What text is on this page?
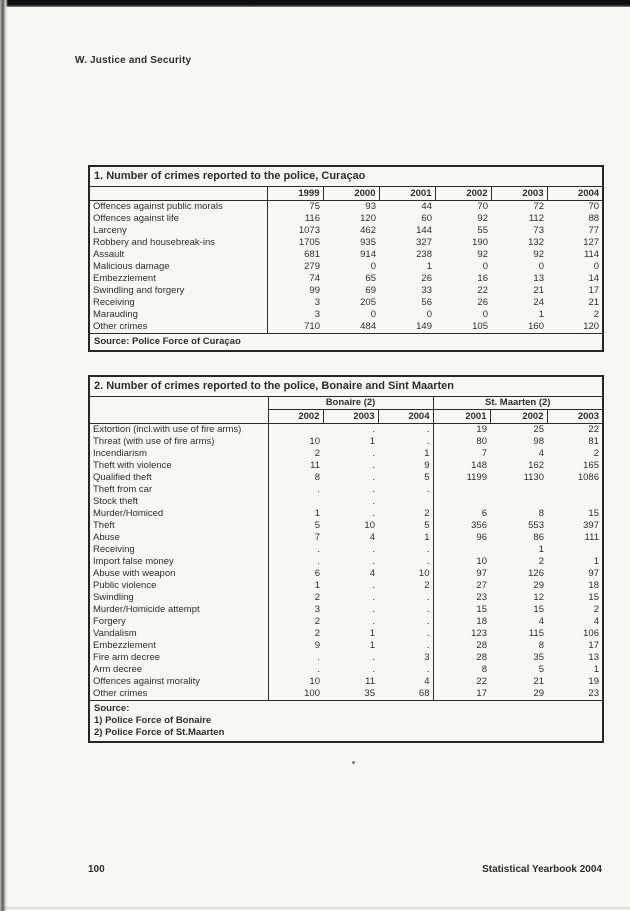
W. Justice and Security
1. Number of crimes reported to the police, Curaçao						
	1999	2000	2001	2002	2003	2004
Offences against public morals	75	93	44	70	72	70
Offences against life	116	120	60	92	112	88
Larceny	1073	462	144	55	73	77
Robbery and housebreak-ins	1705	935	327	190	132	127
Assault	681	914	238	92	92	114
Malicious damage	279	0	1	0	0	0
Embezzlement	74	65	26	16	13	14
Swindling and forgery	99	69	33	22	21	17
Receiving	3	205	56	26	24	21
Marauding	3	0	0	0	1	2
Other crimes	710	484	149	105	160	120
Source: Police Force of Curaçao						
2. Number of crimes reported to the police, Bonaire and Sint Maarten						
	Bonaire (2)			St. Maarten (2)		
	2002	2003	2004	2001	2002	2003
Extortion (incl.with use of fire arms)		.	.	19	25	22
Threat (with use of fire arms)	10	1	.	80	98	81
Incendiarism	2	.	1	7	4	2
Theft with violence	11	.	9	148	162	165
Qualified theft	8	.	5	1199	1130	1086
Theft from car	.	.	.			
Stock theft		.				
Murder/Homiced	1	.	2	6	8	15
Theft	5	10	5	356	553	397
Abuse	7	4	1	96	86	111
Receiving	.	.	.		1	
Import false money	.	.	.	10	2	1
Abuse with weapon	6	4	10	97	126	97
Public violence	1	.	2	27	29	18
Swindling	2	.	.	23	12	15
Murder/Homicide attempt	3	.	.	15	15	2
Forgery	2	.	.	18	4	4
Vandalism	2	1	.	123	115	106
Embezzlement	9	1	.	28	8	17
Fire arm decree	.	.	3	28	35	13
Arm decree	.	.	.	8	5	1
Offences against morality	10	11	4	22	21	19
Other crimes	100	35	68	17	29	23

Source:
1) Police Force of Bonaire
2) Police Force of St.Maarten						
100	Statistical Yearbook 2004
